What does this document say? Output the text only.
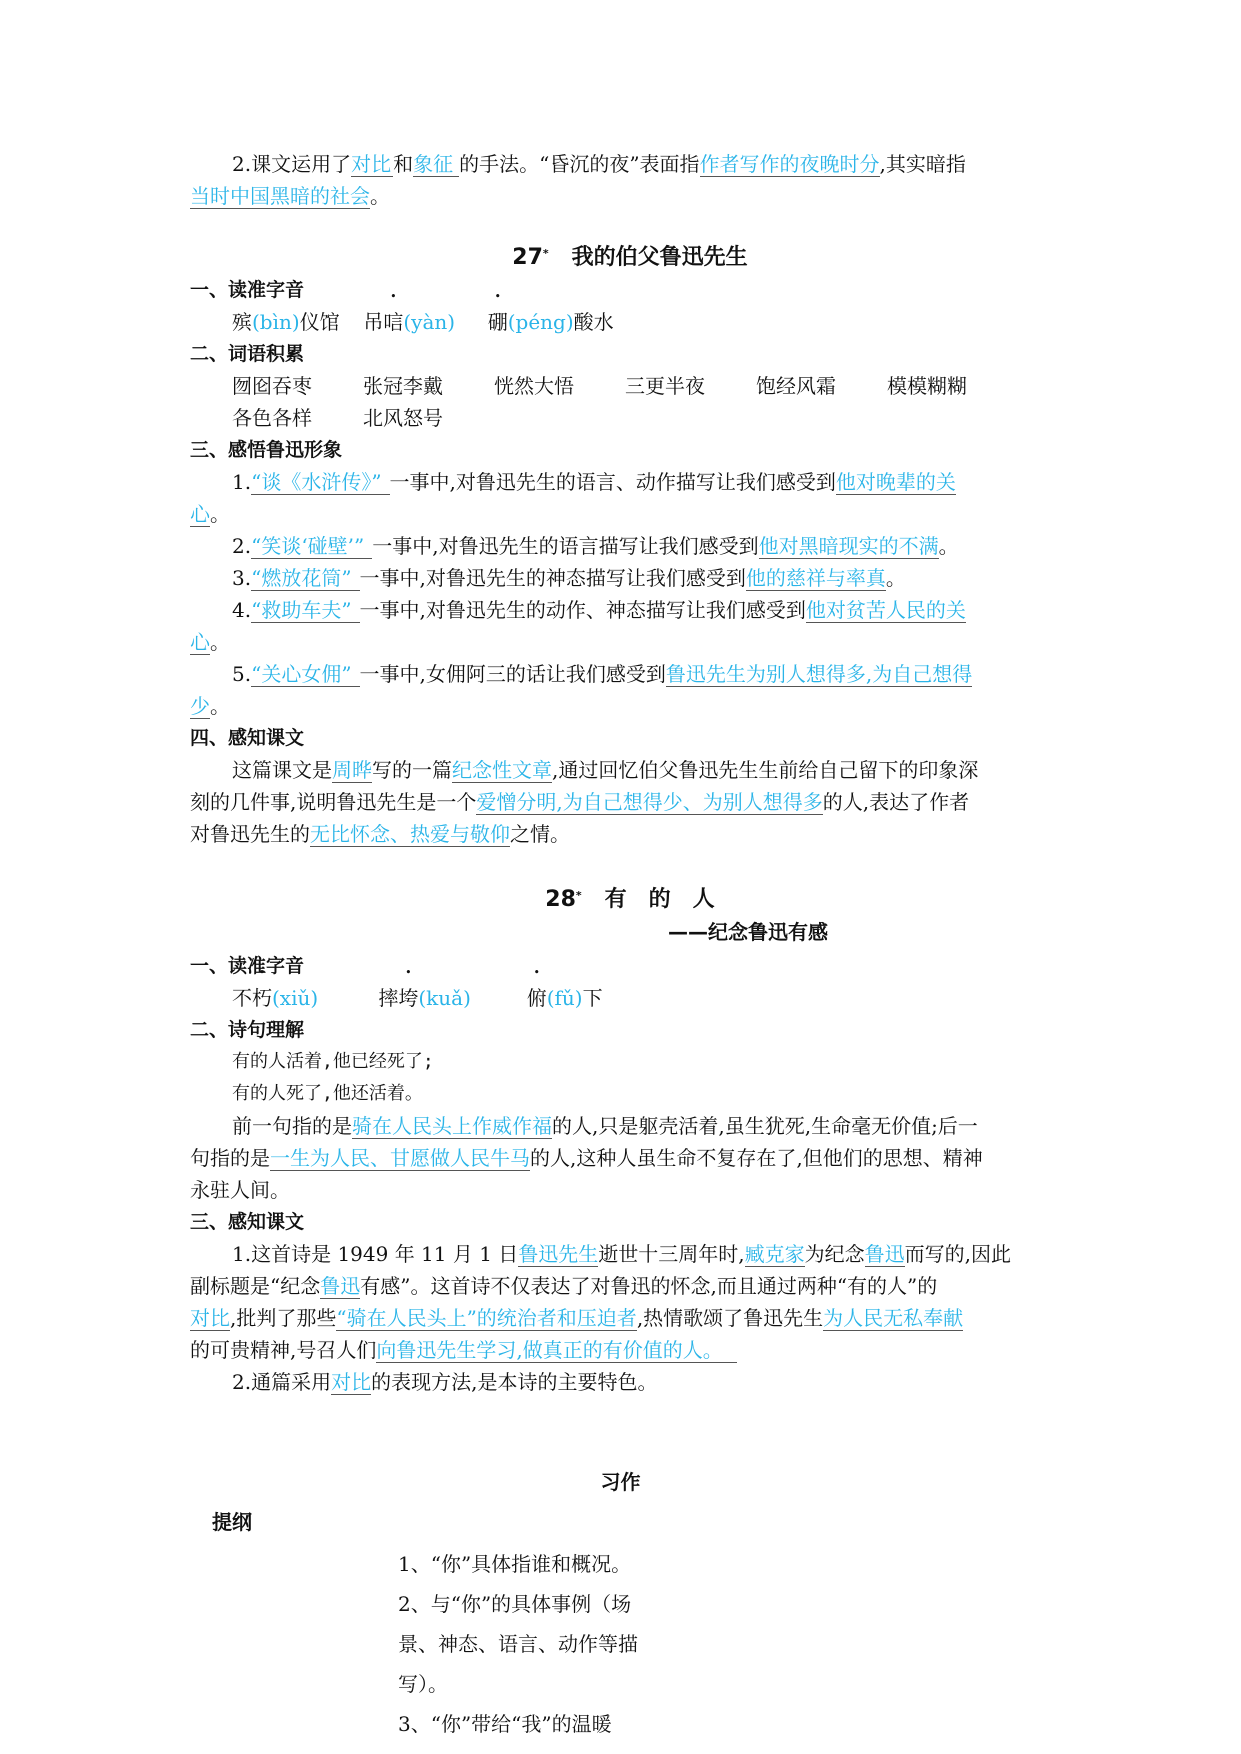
2.课文运用了对比 和象征 的手法。“昏沉的夜”表面指作者写作的夜晚时分,其实暗指
当时中国黑暗的社会。
27* 我的伯父鲁迅先生
一、读准字音
殡(bìn)仪馆 吊唁(yàn) 硼(péng)酸水
二、词语积累
囫囵吞枣	张冠李戴	恍然大悟	三更半夜	饱经风霜	模模糊糊
各色各样	北风怒号
三、感悟鲁迅形象
1.“谈《水浒传》” 一事中,对鲁迅先生的语言、动作描写让我们感受到他对晚辈的关
心。
2.“笑谈‘碰壁’” 一事中,对鲁迅先生的语言描写让我们感受到他对黑暗现实的不满。
3.“燃放花筒” 一事中,对鲁迅先生的神态描写让我们感受到他的慈祥与率真。
4.“救助车夫” 一事中,对鲁迅先生的动作、神态描写让我们感受到他对贫苦人民的关
心。
5.“关心女佣” 一事中,女佣阿三的话让我们感受到鲁迅先生为别人想得多,为自己想得
少。
四、感知课文
这篇课文是周晔写的一篇纪念性文章,通过回忆伯父鲁迅先生生前给自己留下的印象深
刻的几件事,说明鲁迅先生是一个爱憎分明,为自己想得少、为别人想得多的人,表达了作者
对鲁迅先生的无比怀念、热爱与敬仰之情。
28* 有　的　人
——纪念鲁迅有感
一、读准字音
不朽(xiǔ)	摔垮(kuǎ)	俯(fǔ)下
二、诗句理解
有的人活着,他已经死了;
有的人死了,他还活着。
前一句指的是骑在人民头上作威作福的人,只是躯壳活着,虽生犹死,生命毫无价值;后一
句指的是一生为人民、甘愿做人民牛马的人,这种人虽生命不复存在了,但他们的思想、精神
永驻人间。
三、感知课文
1.这首诗是 1949 年 11 月 1 日鲁迅先生逝世十三周年时,臧克家为纪念鲁迅而写的,因此
副标题是“纪念鲁迅有感”。这首诗不仅表达了对鲁迅的怀念,而且通过两种“有的人”的
对比,批判了那些“骑在人民头上”的统治者和压迫者,热情歌颂了鲁迅先生为人民无私奉献
的可贵精神,号召人们向鲁迅先生学习,做真正的有价值的人。
2.通篇采用对比的表现方法,是本诗的主要特色。
习作
提纲
1、“你”具体指谁和概况。
2、与“你”的具体事例（场
景、神态、语言、动作等描
写）。
3、“你”带给“我”的温暖
